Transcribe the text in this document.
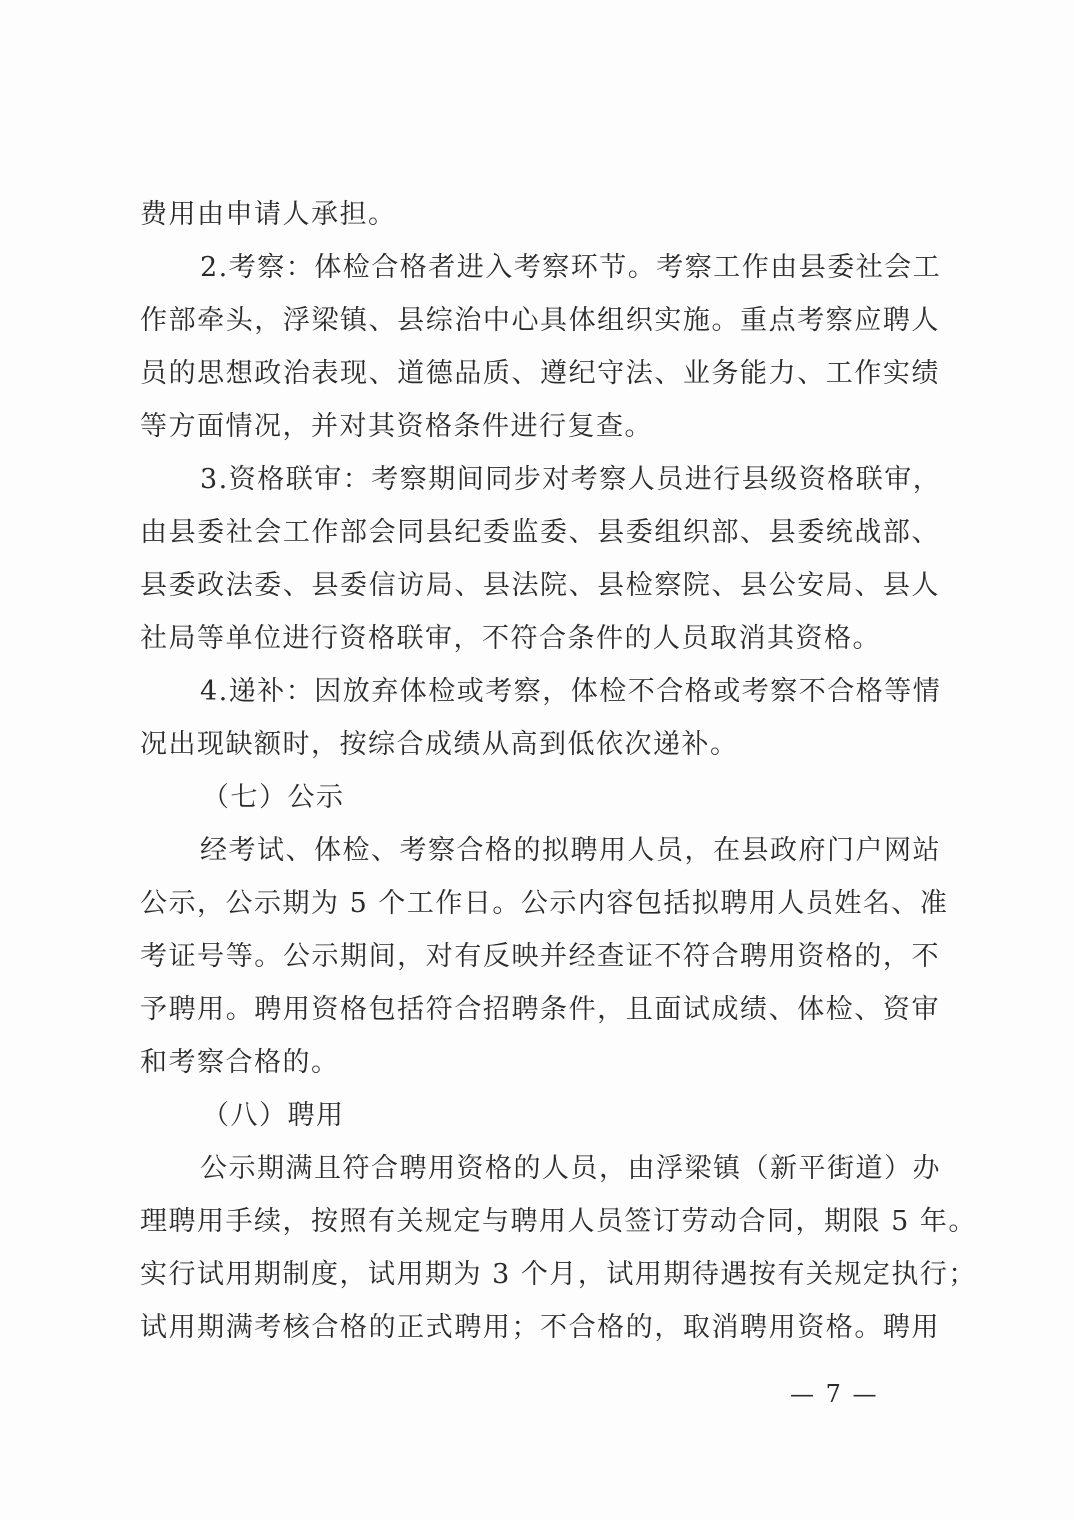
费用由申请人承担。
2.考察：体检合格者进入考察环节。考察工作由县委社会工
作部牵头，浮梁镇、县综治中心具体组织实施。重点考察应聘人
员的思想政治表现、道德品质、遵纪守法、业务能力、工作实绩
等方面情况，并对其资格条件进行复查。
3.资格联审：考察期间同步对考察人员进行县级资格联审，
由县委社会工作部会同县纪委监委、县委组织部、县委统战部、
县委政法委、县委信访局、县法院、县检察院、县公安局、县人
社局等单位进行资格联审，不符合条件的人员取消其资格。
4.递补：因放弃体检或考察，体检不合格或考察不合格等情
况出现缺额时，按综合成绩从高到低依次递补。
（七）公示
经考试、体检、考察合格的拟聘用人员，在县政府门户网站
公示，公示期为 5 个工作日。公示内容包括拟聘用人员姓名、准
考证号等。公示期间，对有反映并经查证不符合聘用资格的，不
予聘用。聘用资格包括符合招聘条件，且面试成绩、体检、资审
和考察合格的。
（八）聘用
公示期满且符合聘用资格的人员，由浮梁镇（新平街道）办
理聘用手续，按照有关规定与聘用人员签订劳动合同，期限 5 年。
实行试用期制度，试用期为 3 个月，试用期待遇按有关规定执行；
试用期满考核合格的正式聘用；不合格的，取消聘用资格。聘用
— 7 —
